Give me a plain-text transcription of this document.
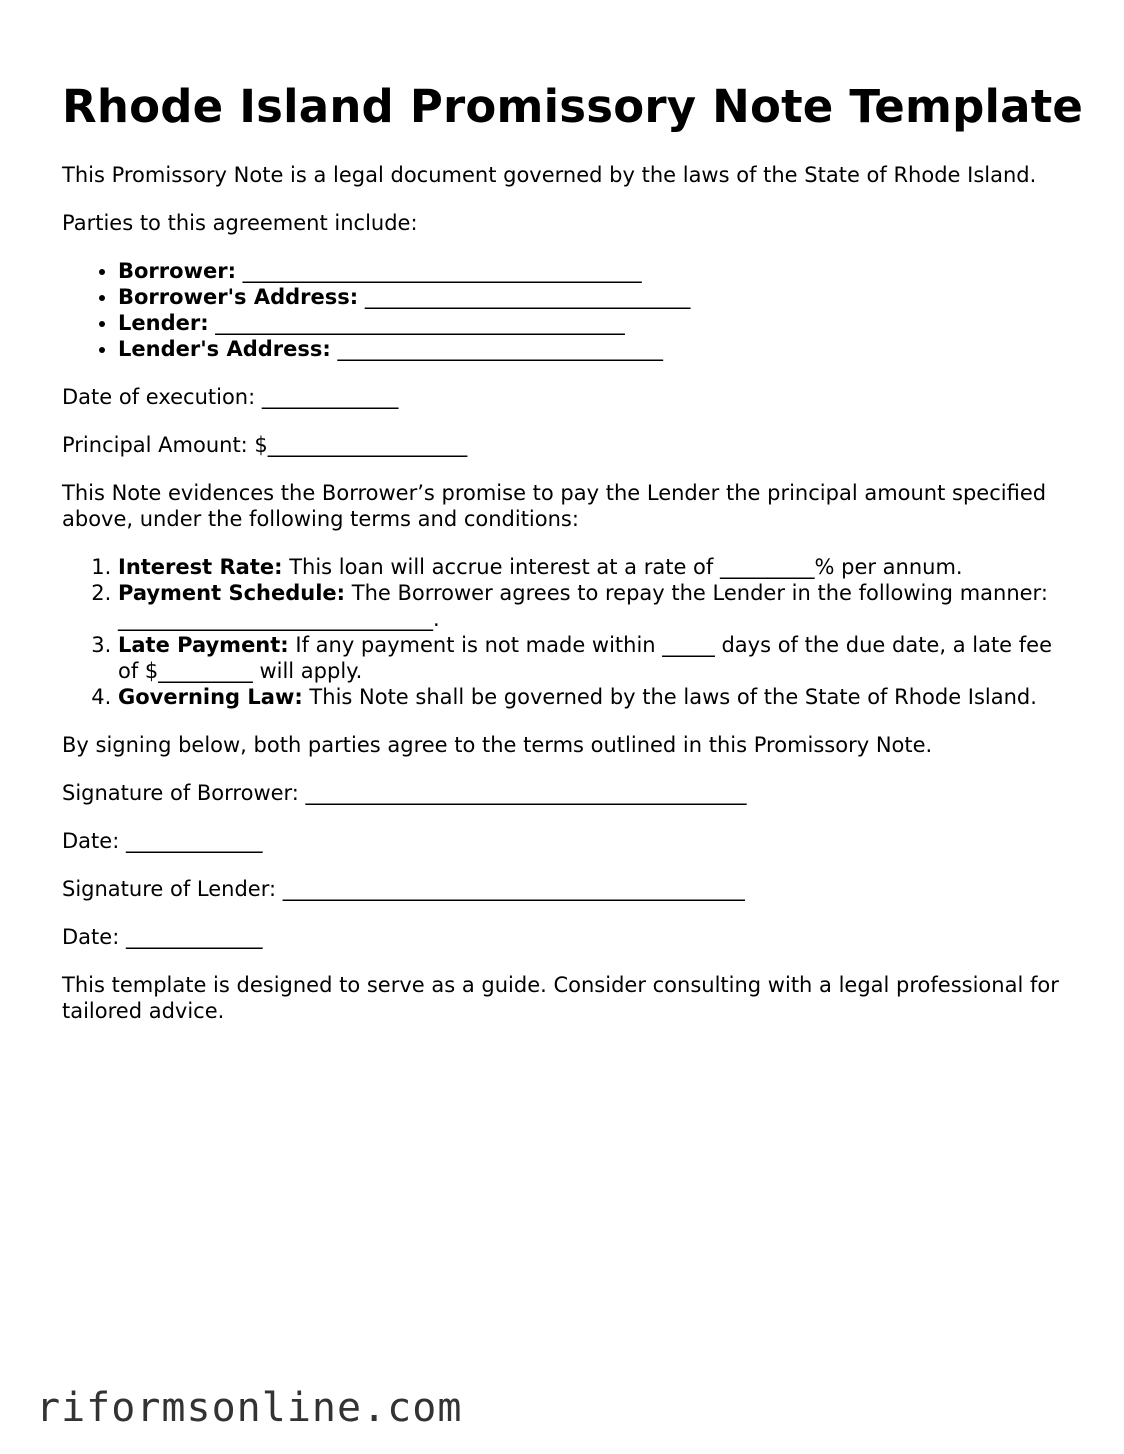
Rhode Island Promissory Note Template

This Promissory Note is a legal document governed by the laws of the State of Rhode Island.

Parties to this agreement include:

• Borrower: ______________________________________
• Borrower's Address: _______________________________
• Lender: _______________________________________
• Lender's Address: _______________________________

Date of execution: _____________

Principal Amount: $___________________

This Note evidences the Borrower’s promise to pay the Lender the principal amount specified above, under the following terms and conditions:

1. Interest Rate: This loan will accrue interest at a rate of _________% per annum.
2. Payment Schedule: The Borrower agrees to repay the Lender in the following manner: ______________________________.
3. Late Payment: If any payment is not made within _____ days of the due date, a late fee of $_________ will apply.
4. Governing Law: This Note shall be governed by the laws of the State of Rhode Island.

By signing below, both parties agree to the terms outlined in this Promissory Note.

Signature of Borrower: __________________________________________

Date: _____________

Signature of Lender: ____________________________________________

Date: _____________

This template is designed to serve as a guide. Consider consulting with a legal professional for tailored advice.

riformsonline.com
